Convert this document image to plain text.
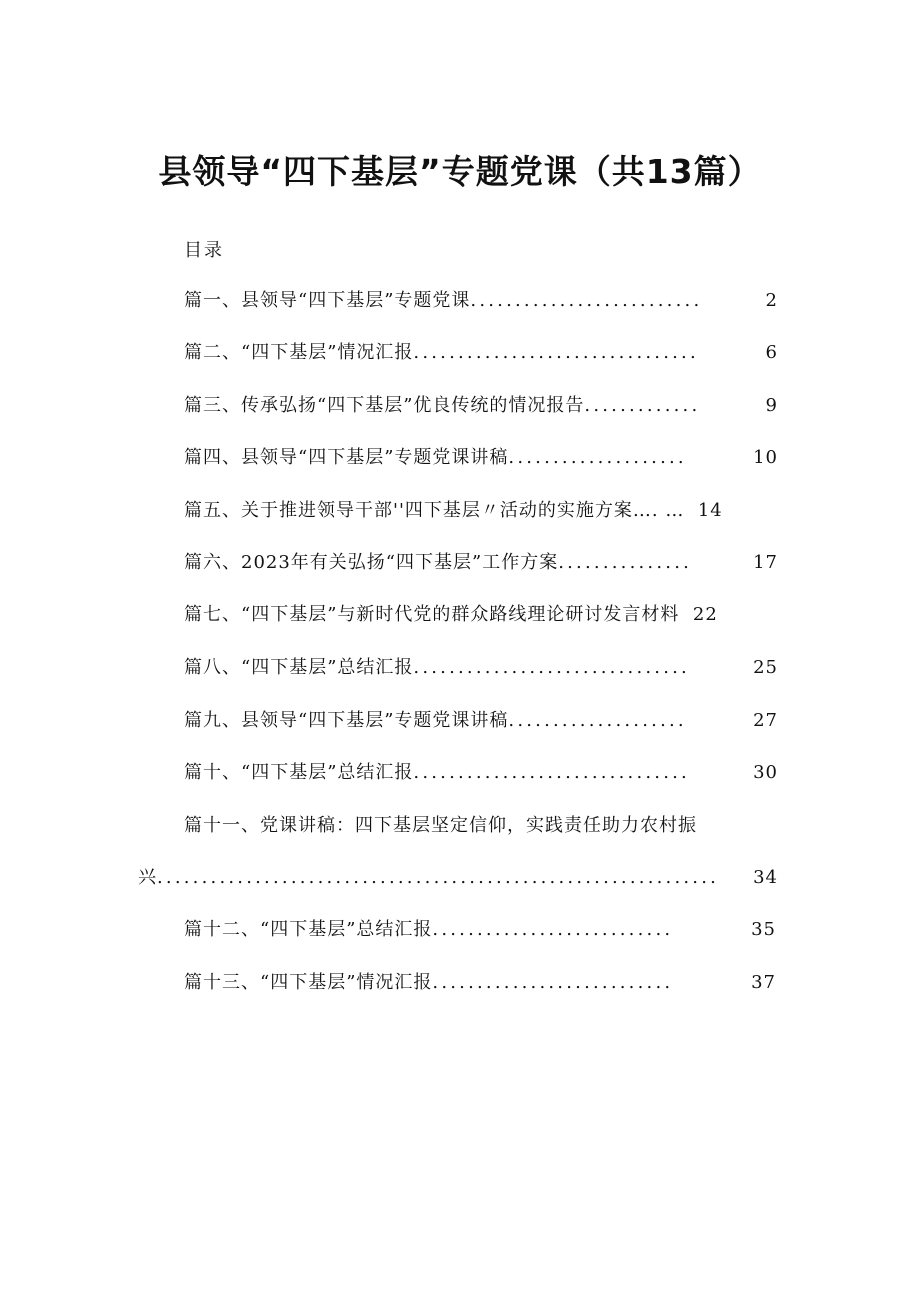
县领导“四下基层”专题党课（共13篇）
目录
篇一、县领导“四下基层”专题党课 ..........................	2
篇二、“四下基层”情况汇报 ................................	6
篇三、传承弘扬“四下基层”优良传统的情况报告 .............	9
篇四、县领导“四下基层”专题党课讲稿 ....................	10
篇五、关于推进领导干部''四下基层〃活动的实施方案…. … 14
篇六、2023年有关弘扬“四下基层”工作方案 ...............	17
篇七、“四下基层”与新时代党的群众路线理论研讨发言材料 22
篇八、“四下基层”总结汇报 ...............................	25
篇九、县领导“四下基层”专题党课讲稿 ....................	27
篇十、“四下基层”总结汇报 ...............................	30
篇十一、党课讲稿：四下基层坚定信仰，实践责任助力农村振
兴 ...............................................................	34
篇十二、“四下基层”总结汇报 ...........................	35
篇十三、“四下基层”情况汇报 ...........................	37
